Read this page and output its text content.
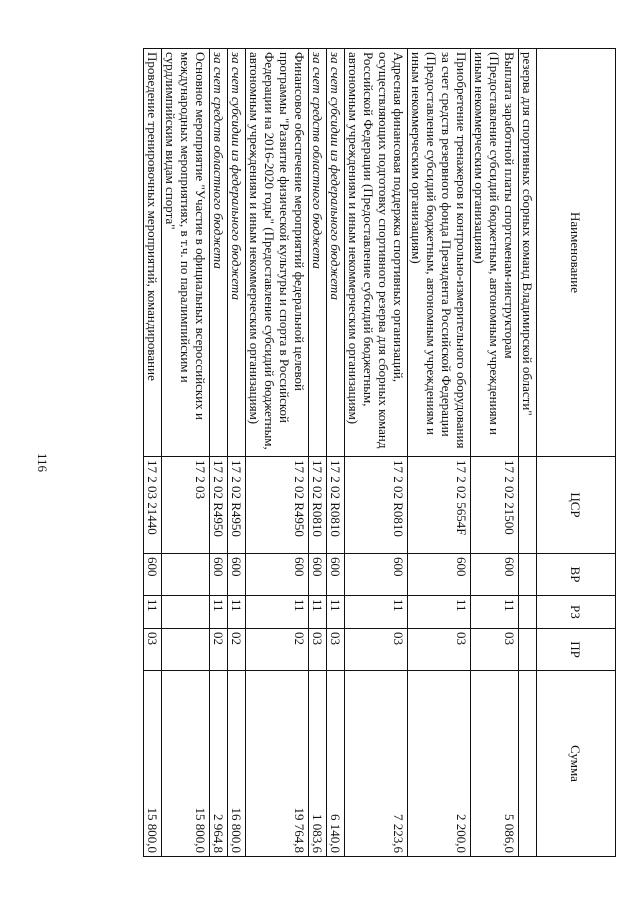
116
Наименование	ЦСР	ВР	РЗ	ПР	Сумма
резерва для спортивных сборных команд Владимирской области"					
Выплата заработной платы спортсменам-инструкторам (Предоставление субсидий бюджетным, автономным учреждениям и иным некоммерческим организациям)	17 2 02 21500	600	11	03	5 086,0
Приобретение тренажеров и контрольно-измерительного оборудования за счет средств резервного фонда Президента Российской Федерации (Предоставление субсидий бюджетным, автономным учреждениям и иным некоммерческим организациям)	17 2 02 5654F	600	11	03	2 200,0
Адресная финансовая поддержка спортивных организаций, осуществляющих подготовку спортивного резерва для сборных команд Российской Федерации (Предоставление субсидий бюджетным, автономным учреждениям и иным некоммерческим организациям)	17 2 02 R0810	600	11	03	7 223,6
за счет субсидии из федерального бюджета	17 2 02 R0810	600	11	03	6 140,0
за счет средств областного бюджета	17 2 02 R0810	600	11	03	1 083,6
Финансовое обеспечение мероприятий федеральной целевой программы "Развитие физической культуры и спорта в Российской Федерации на 2016-2020 годы" (Предоставление субсидий бюджетным, автономным учреждениям и иным некоммерческим организациям)	17 2 02 R4950	600	11	02	19 764,8
за счет субсидии из федерального бюджета	17 2 02 R4950	600	11	02	16 800,0
за счет средств областного бюджета	17 2 02 R4950	600	11	02	2 964,8
Основное мероприятие "Участие в официальных всероссийских и международных мероприятиях, в т.ч. по паралимпийским и сурдлимпийским видам спорта"	17 2 03				15 800,0
Проведение тренировочных мероприятий, командирование	17 2 03 21440	600	11	03	15 800,0
